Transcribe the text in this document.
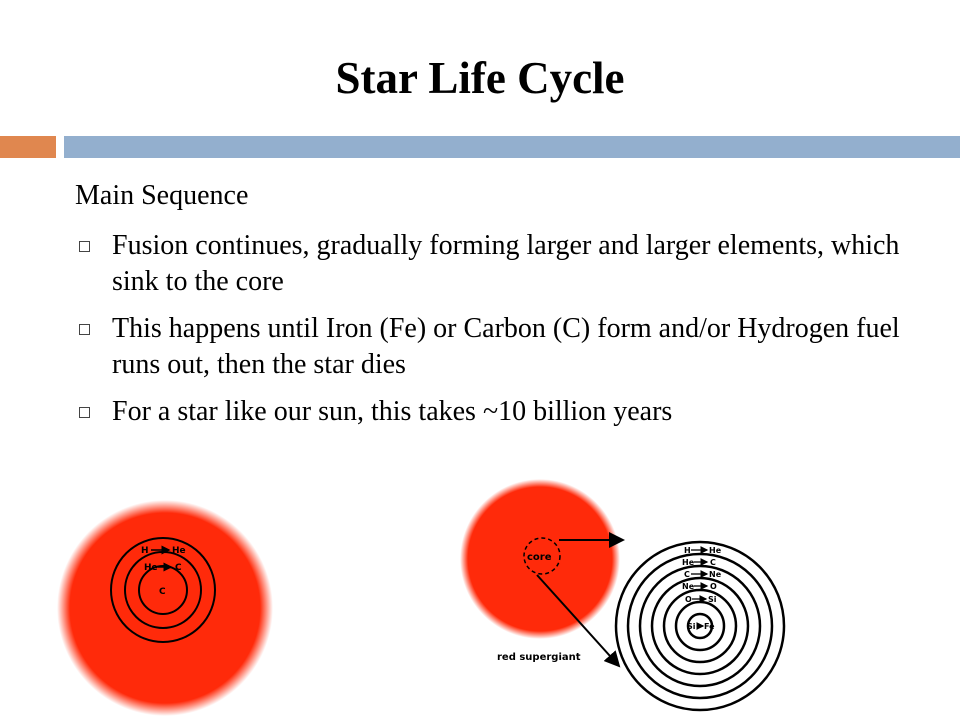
Star Life Cycle
Main Sequence
Fusion continues, gradually forming larger and larger elements, which sink to the core
This happens until Iron (Fe) or Carbon (C) form and/or Hydrogen fuel runs out, then the star dies
For a star like our sun, this takes ~10 billion years
H	He
He C
C
core
red supergiant
H He
He C
C Ne
Ne O
O Si
Si Fe
